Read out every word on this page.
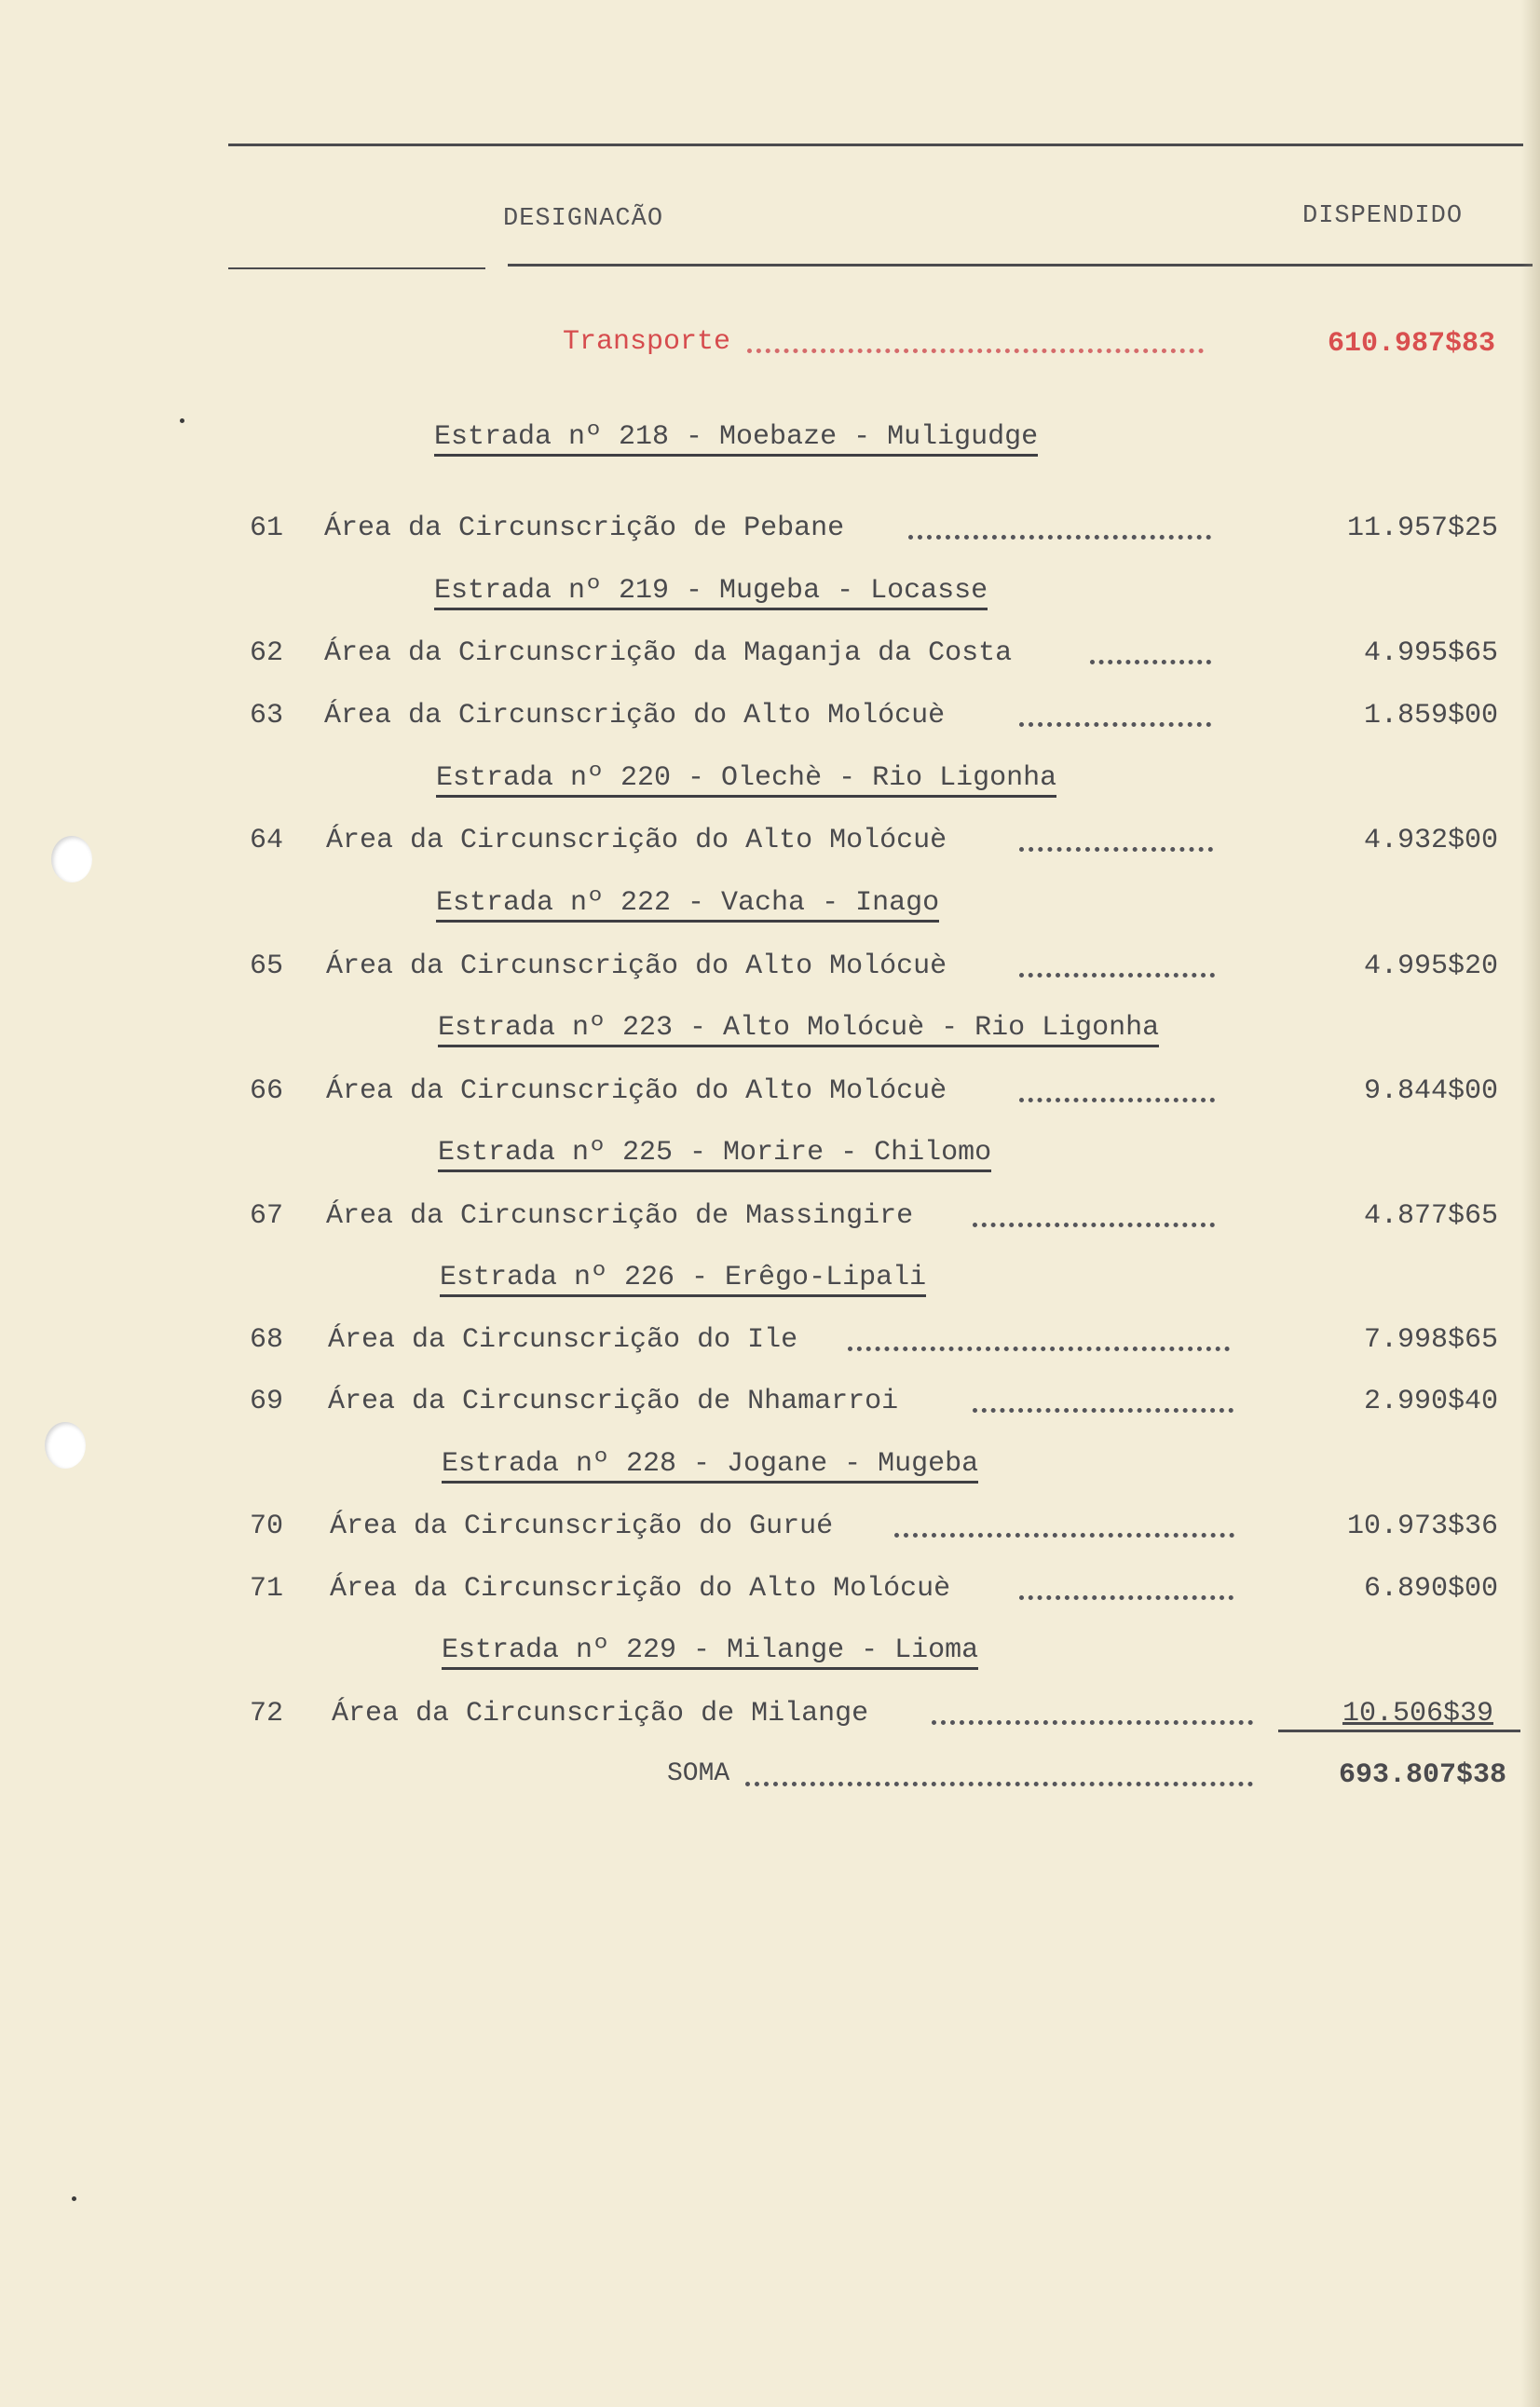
DESIGNACÃO	DISPENDIDO
Transporte	610.987$83
Estrada nº 218 - Moebaze - Muligudge
61	Área da Circunscrição de Pebane	11.957$25
Estrada nº 219 - Mugeba - Locasse
62	Área da Circunscrição da Maganja da Costa	4.995$65
63	Área da Circunscrição do Alto Molócuè	1.859$00
Estrada nº 220 - Olechè - Rio Ligonha
64	Área da Circunscrição do Alto Molócuè	4.932$00
Estrada nº 222 - Vacha - Inago
65	Área da Circunscrição do Alto Molócuè	4.995$20
Estrada nº 223 - Alto Molócuè - Rio Ligonha
66	Área da Circunscrição do Alto Molócuè	9.844$00
Estrada nº 225 - Morire - Chilomo
67	Área da Circunscrição de Massingire	4.877$65
Estrada nº 226 - Erêgo-Lipali
68	Área da Circunscrição do Ile	7.998$65
69	Área da Circunscrição de Nhamarroi	2.990$40
Estrada nº 228 - Jogane - Mugeba
70	Área da Circunscrição do Gurué	10.973$36
71	Área da Circunscrição do Alto Molócuè	6.890$00
Estrada nº 229 - Milange - Lioma
72	Área da Circunscrição de Milange	10.506$39
SOMA	693.807$38
